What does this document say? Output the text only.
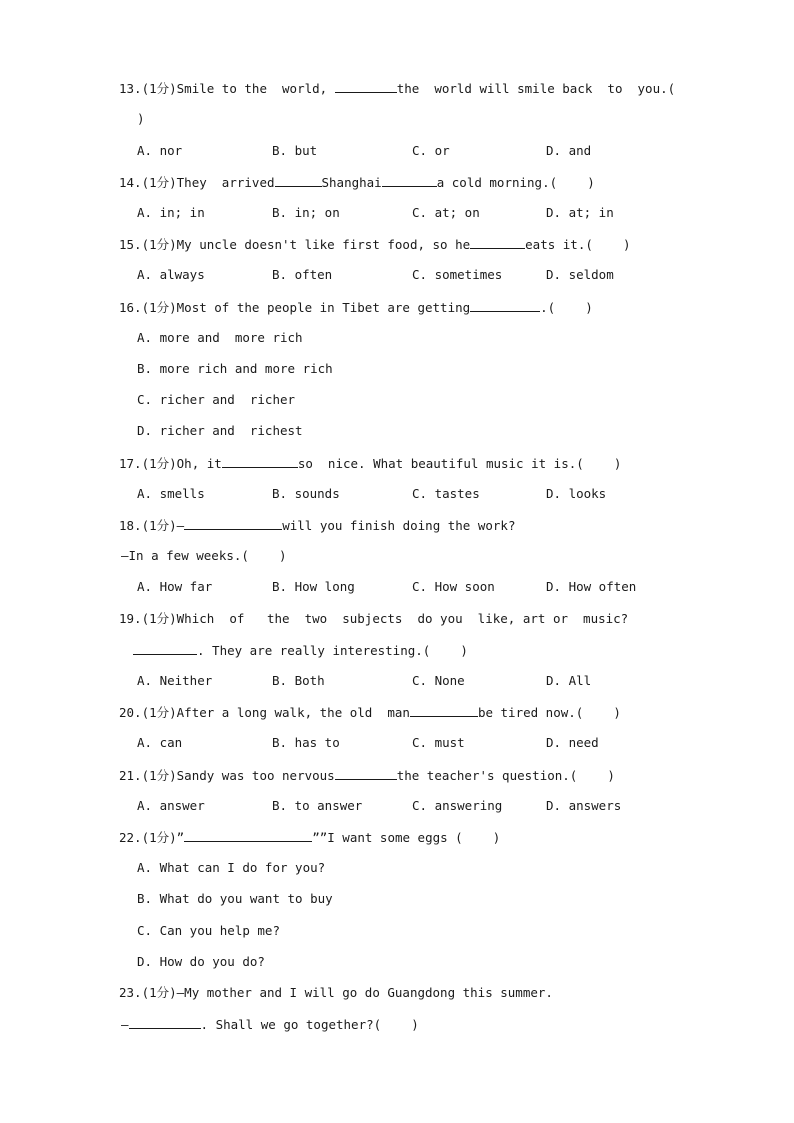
13.(1分)Smile to the  world,	the  world will smile back  to  you.(
)
A. nor	B. but	C. or	D. and
14.(1分)They  arrived	Shanghai	a cold morning.(    )
A. in; in	B. in; on	C. at; on	D. at; in
15.(1分)My uncle doesn't like first food, so he	eats it.(    )
A. always	B. often	C. sometimes	D. seldom
16.(1分)Most of the people in Tibet are getting	.(    )
A. more and  more rich
B. more rich and more rich
C. richer and  richer
D. richer and  richest
17.(1分)Oh, it	so  nice. What beautiful music it is.(    )
A. smells	B. sounds	C. tastes	D. looks
18.(1分)–	will you finish doing the work?
–In a few weeks.(    )
A. How far	B. How long	C. How soon	D. How often
19.(1分)Which  of   the  two  subjects  do you  like, art or  music?
. They are really interesting.(    )
A. Neither	B. Both	C. None	D. All
20.(1分)After a long walk, the old  man	be tired now.(    )
A. can	B. has to	C. must	D. need
21.(1分)Sandy was too nervous	the teacher's question.(    )
A. answer	B. to answer	C. answering	D. answers
22.(1分)”	””I want some eggs (    )
A. What can I do for you?
B. What do you want to buy
C. Can you help me?
D. How do you do?
23.(1分)–My mother and I will go do Guangdong this summer.
–	. Shall we go together?(    )
